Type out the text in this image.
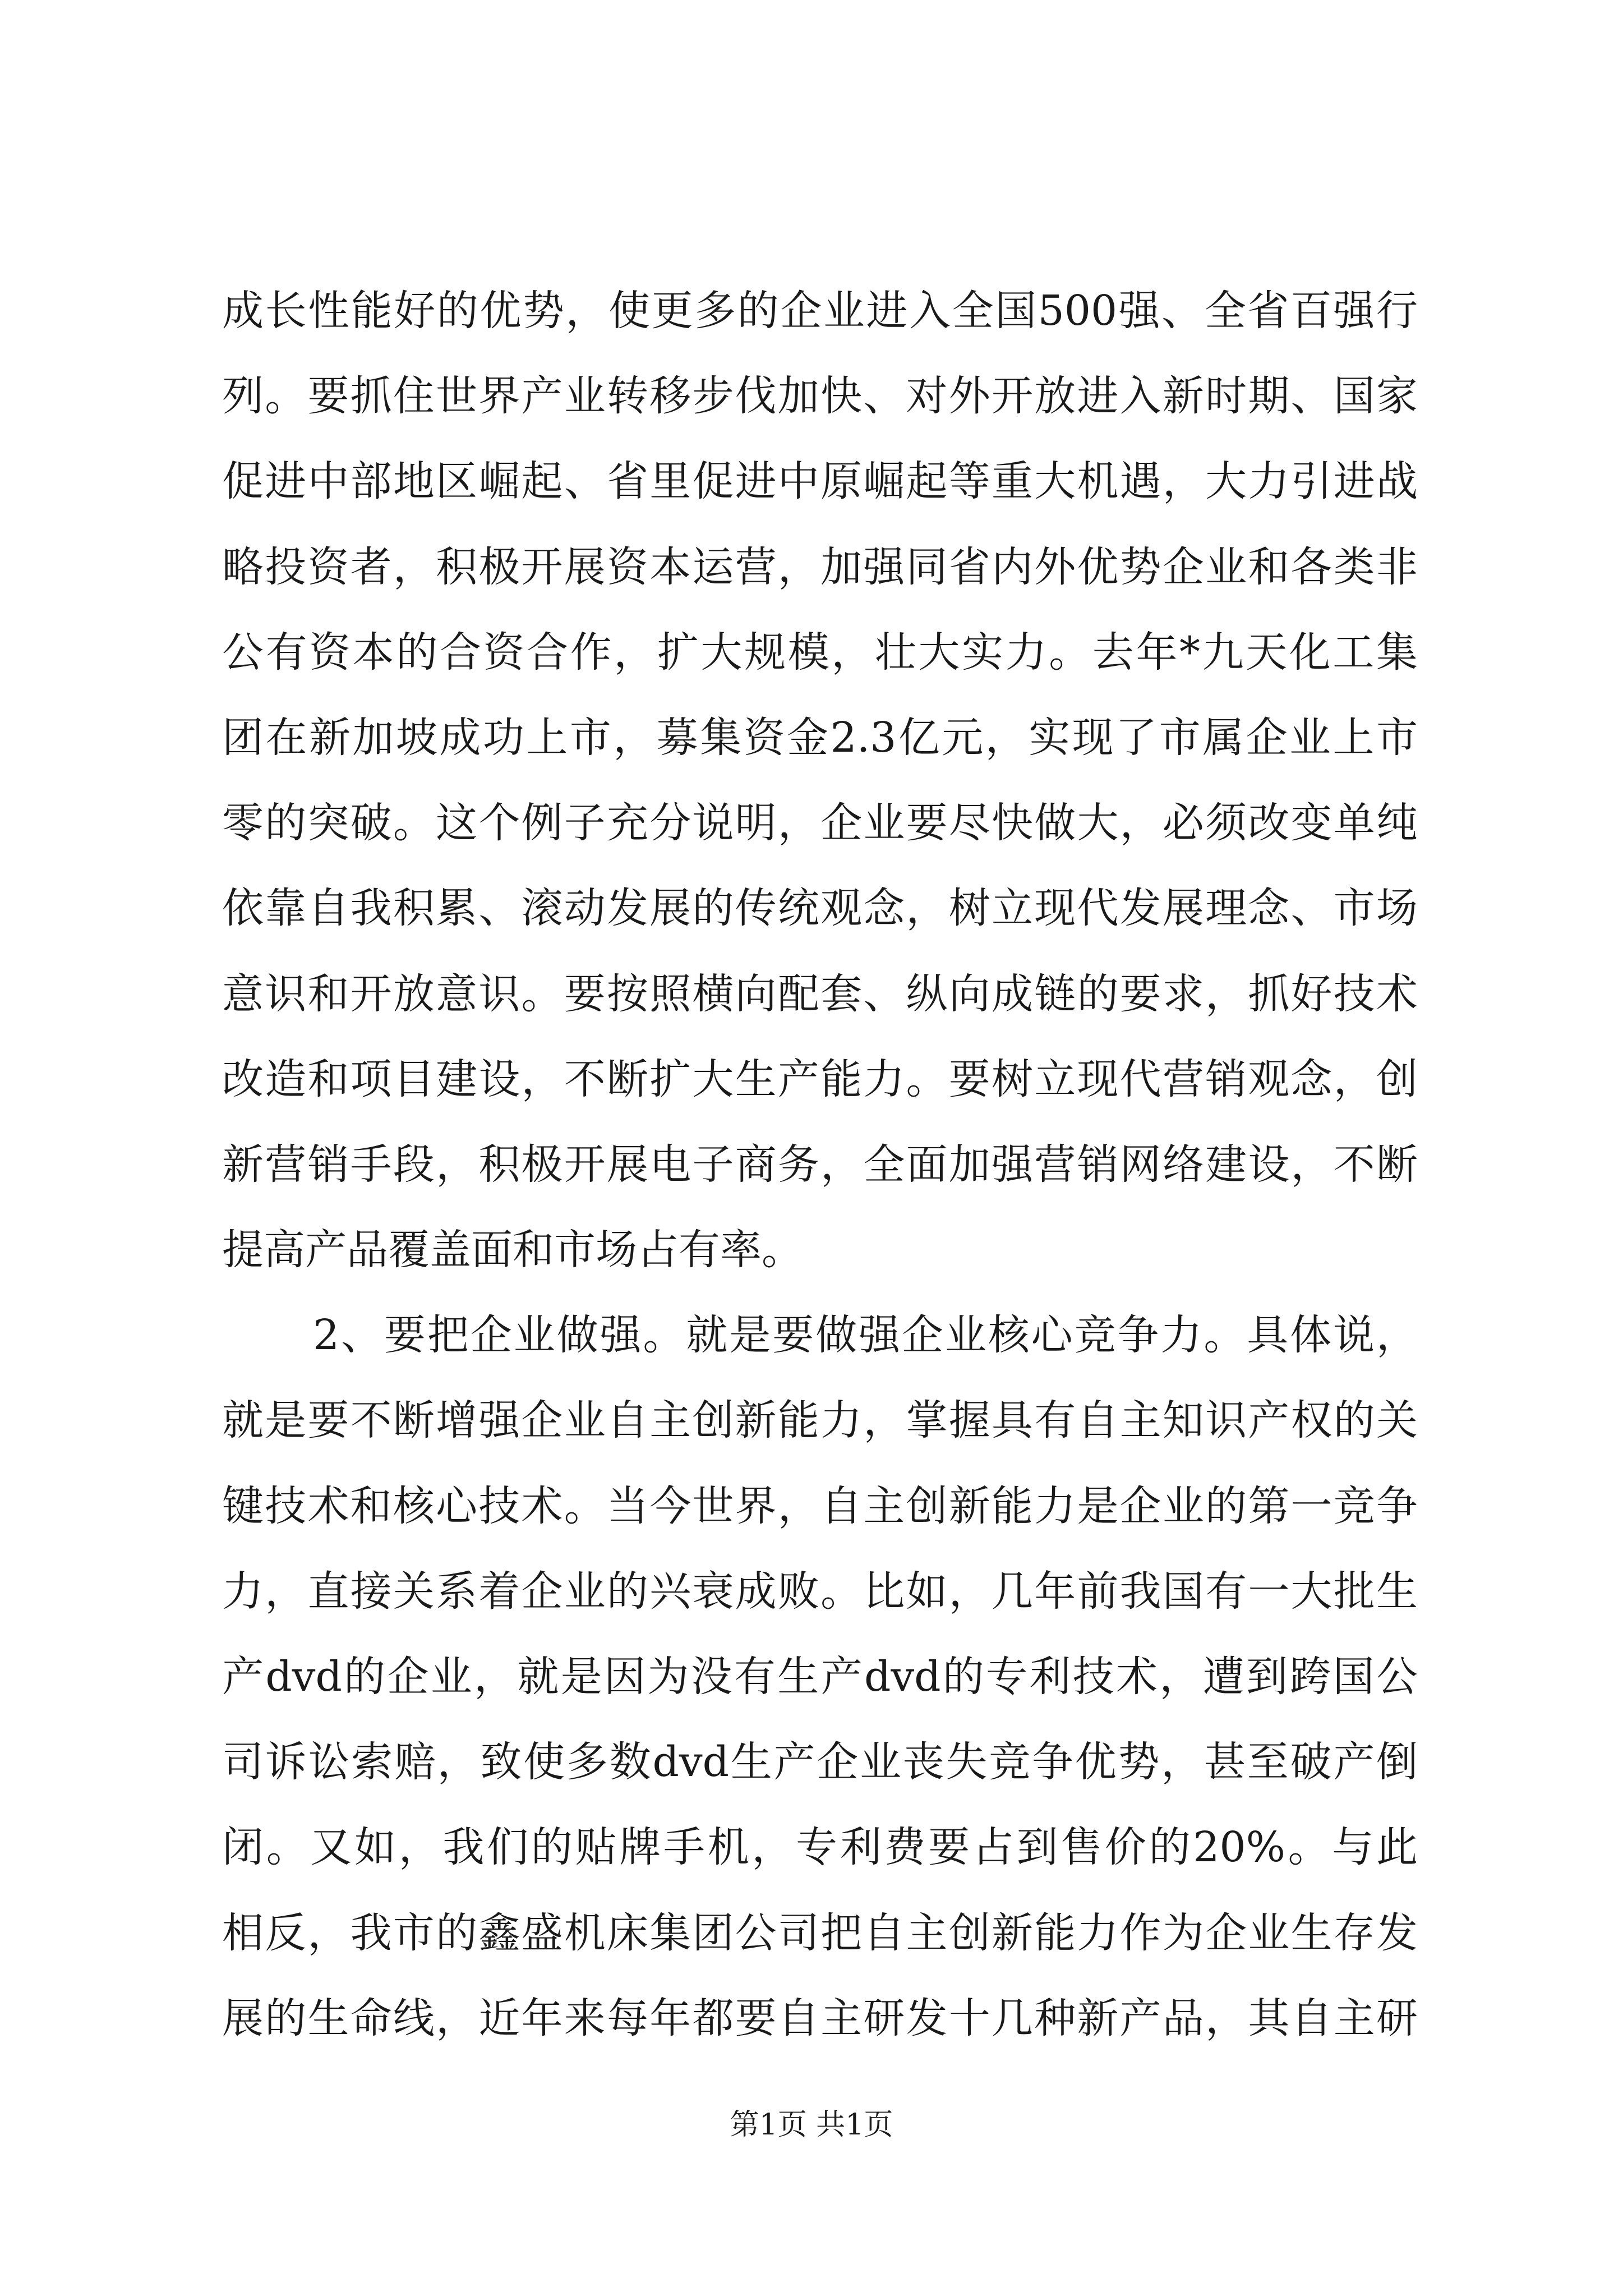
成长性能好的优势，使更多的企业进入全国500强、全省百强行
列。要抓住世界产业转移步伐加快、对外开放进入新时期、国家
促进中部地区崛起、省里促进中原崛起等重大机遇，大力引进战
略投资者，积极开展资本运营，加强同省内外优势企业和各类非
公有资本的合资合作，扩大规模，壮大实力。去年*九天化工集
团在新加坡成功上市，募集资金2.3亿元，实现了市属企业上市
零的突破。这个例子充分说明，企业要尽快做大，必须改变单纯
依靠自我积累、滚动发展的传统观念，树立现代发展理念、市场
意识和开放意识。要按照横向配套、纵向成链的要求，抓好技术
改造和项目建设，不断扩大生产能力。要树立现代营销观念，创
新营销手段，积极开展电子商务，全面加强营销网络建设，不断
提高产品覆盖面和市场占有率。
2、要把企业做强。就是要做强企业核心竞争力。具体说，
就是要不断增强企业自主创新能力，掌握具有自主知识产权的关
键技术和核心技术。当今世界，自主创新能力是企业的第一竞争
力，直接关系着企业的兴衰成败。比如，几年前我国有一大批生
产dvd的企业，就是因为没有生产dvd的专利技术，遭到跨国公
司诉讼索赔，致使多数dvd生产企业丧失竞争优势，甚至破产倒
闭。又如，我们的贴牌手机，专利费要占到售价的20%。与此
相反，我市的鑫盛机床集团公司把自主创新能力作为企业生存发
展的生命线，近年来每年都要自主研发十几种新产品，其自主研
第1页 共1页
